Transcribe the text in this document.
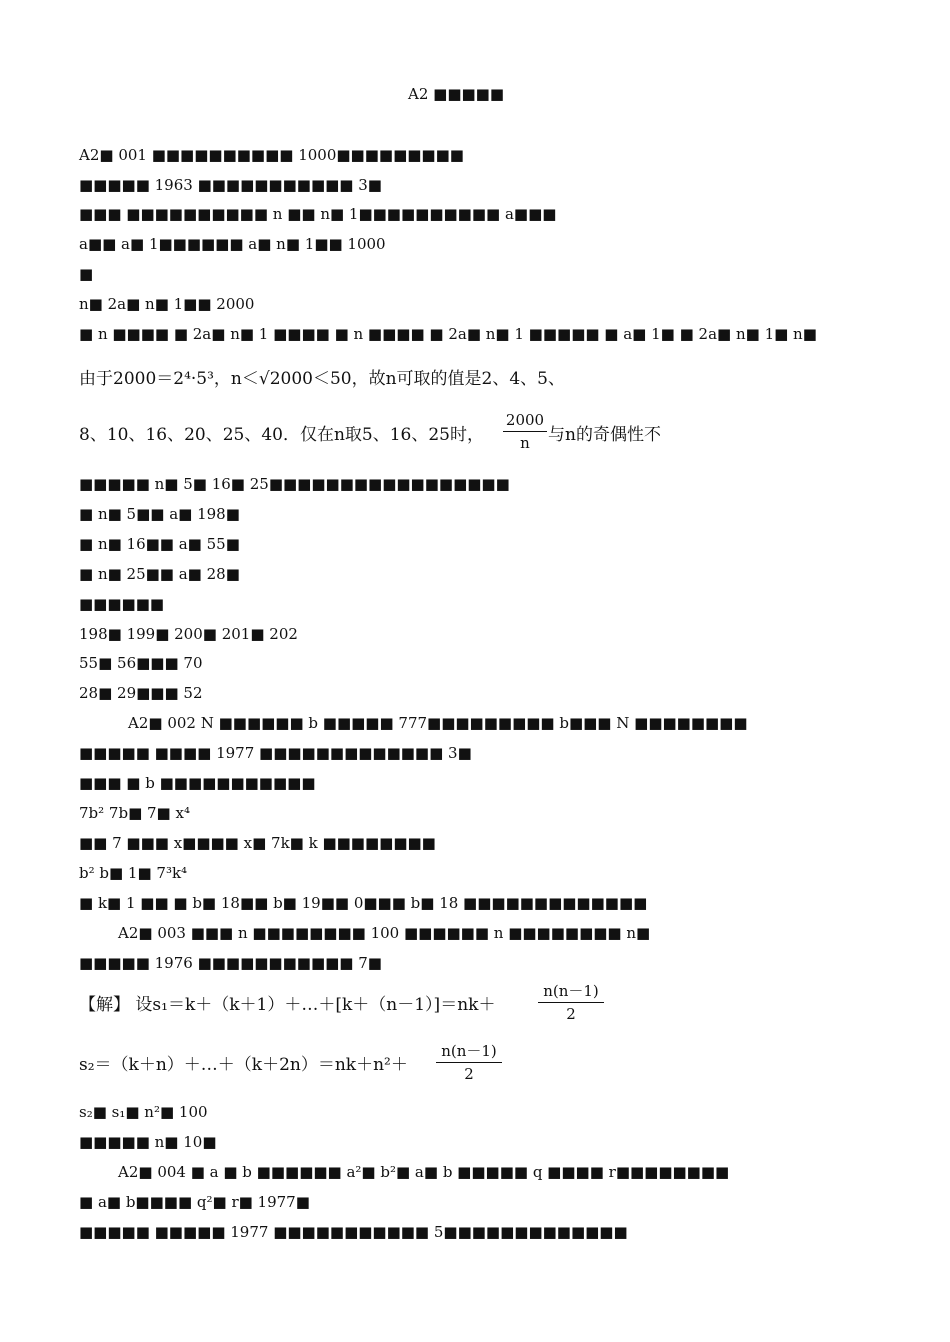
A2 ■■■■■
A2■ 001 ■■■■■■■■■■ 1000■■■■■■■■■
■■■■■ 1963 ■■■■■■■■■■■ 3■
■■■ ■■■■■■■■■■ n ■■ n■ 1■■■■■■■■■■ a■■■
a■■ a■ 1■■■■■■ a■ n■ 1■■ 1000
■
n■ 2a■ n■ 1■■ 2000
■ n ■■■■ ■ 2a■ n■ 1 ■■■■ ■ n ■■■■ ■ 2a■ n■ 1 ■■■■■ ■ a■ 1■ ■ 2a■ n■ 1■ n■
■■■■■ n■ 5■ 16■ 25■■■■■■■■■■■■■■■■■
■ n■ 5■■ a■ 198■
■ n■ 16■■ a■ 55■
■ n■ 25■■ a■ 28■
■■■■■■
198■ 199■ 200■ 201■ 202
55■ 56■■■ 70
28■ 29■■■ 52
A2■ 002 N ■■■■■■ b ■■■■■ 777■■■■■■■■■ b■■■ N ■■■■■■■■
■■■■■ ■■■■ 1977 ■■■■■■■■■■■■■ 3■
■■■ ■ b ■■■■■■■■■■■
7b² 7b■ 7■ x⁴
■■ 7 ■■■ x■■■■ x■ 7k■ k ■■■■■■■■
b² b■ 1■ 7³k⁴
■ k■ 1 ■■ ■ b■ 18■■ b■ 19■■ 0■■■ b■ 18 ■■■■■■■■■■■■■
A2■ 003 ■■■ n ■■■■■■■■ 100 ■■■■■■ n ■■■■■■■■ n■
■■■■■ 1976 ■■■■■■■■■■■ 7■
s₂■ s₁■ n²■ 100
■■■■■ n■ 10■
A2■ 004 ■ a ■ b ■■■■■■ a²■ b²■ a■ b ■■■■■ q ■■■■ r■■■■■■■■
■ a■ b■■■■ q²■ r■ 1977■
■■■■■ ■■■■■ 1977 ■■■■■■■■■■■ 5■■■■■■■■■■■■■
由于2000＝2⁴·5³，n＜√2000＜50，故n可取的值是2、4、5、
8、10、16、20、25、40．仅在n取5、16、25时，
2000
n	与n的奇偶性不
【解】 设s₁＝k＋（k＋1）＋…＋[k＋（n－1）]＝nk＋
n(n－1)
2
s₂＝（k＋n）＋…＋（k＋2n）＝nk＋n²＋
n(n－1)
2
